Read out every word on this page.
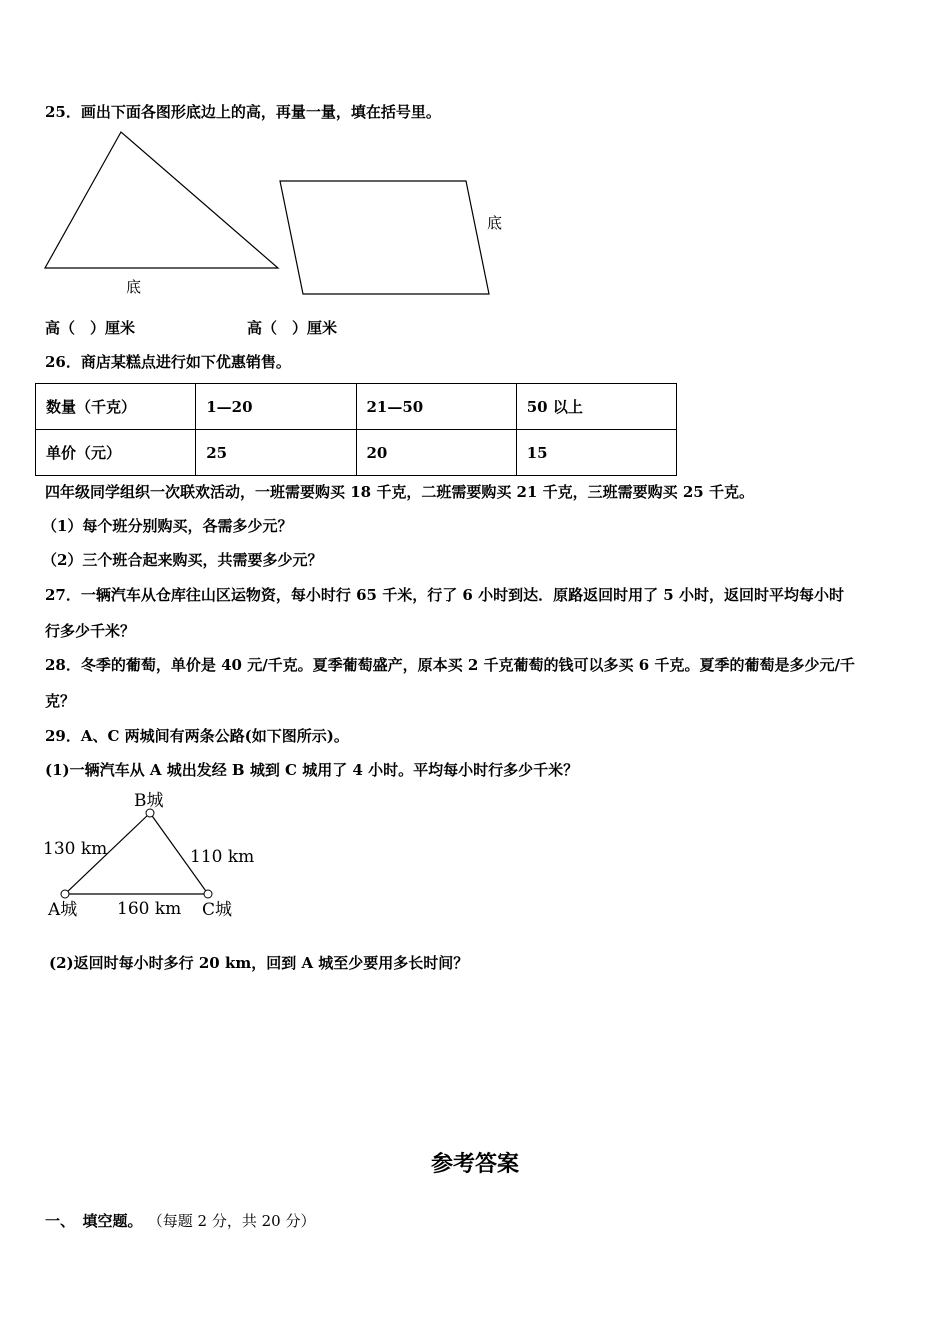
25．画出下面各图形底边上的高，再量一量，填在括号里。
底
底
高（　）厘米	高（　）厘米
26．商店某糕点进行如下优惠销售。
数量（千克）	1—20	21—50	50 以上
单价（元）	25	20	15
四年级同学组织一次联欢活动，一班需要购买 18 千克，二班需要购买 21 千克，三班需要购买 25 千克。
（1）每个班分别购买，各需多少元？
（2）三个班合起来购买，共需要多少元？
27．一辆汽车从仓库往山区运物资，每小时行 65 千米，行了 6 小时到达．原路返回时用了 5 小时，返回时平均每小时
行多少千米？
28．冬季的葡萄，单价是 40 元/千克。夏季葡萄盛产，原本买 2 千克葡萄的钱可以多买 6 千克。夏季的葡萄是多少元/千
克？
29．A、C 两城间有两条公路(如下图所示)。
(1)一辆汽车从 A 城出发经 B 城到 C 城用了 4 小时。平均每小时行多少千米？
B城
A城	C城
130 km	110 km
160 km
(2)返回时每小时多行 20 km，回到 A 城至少要用多长时间？
参考答案
一、　填空题。 （每题 2 分，共 20 分）
